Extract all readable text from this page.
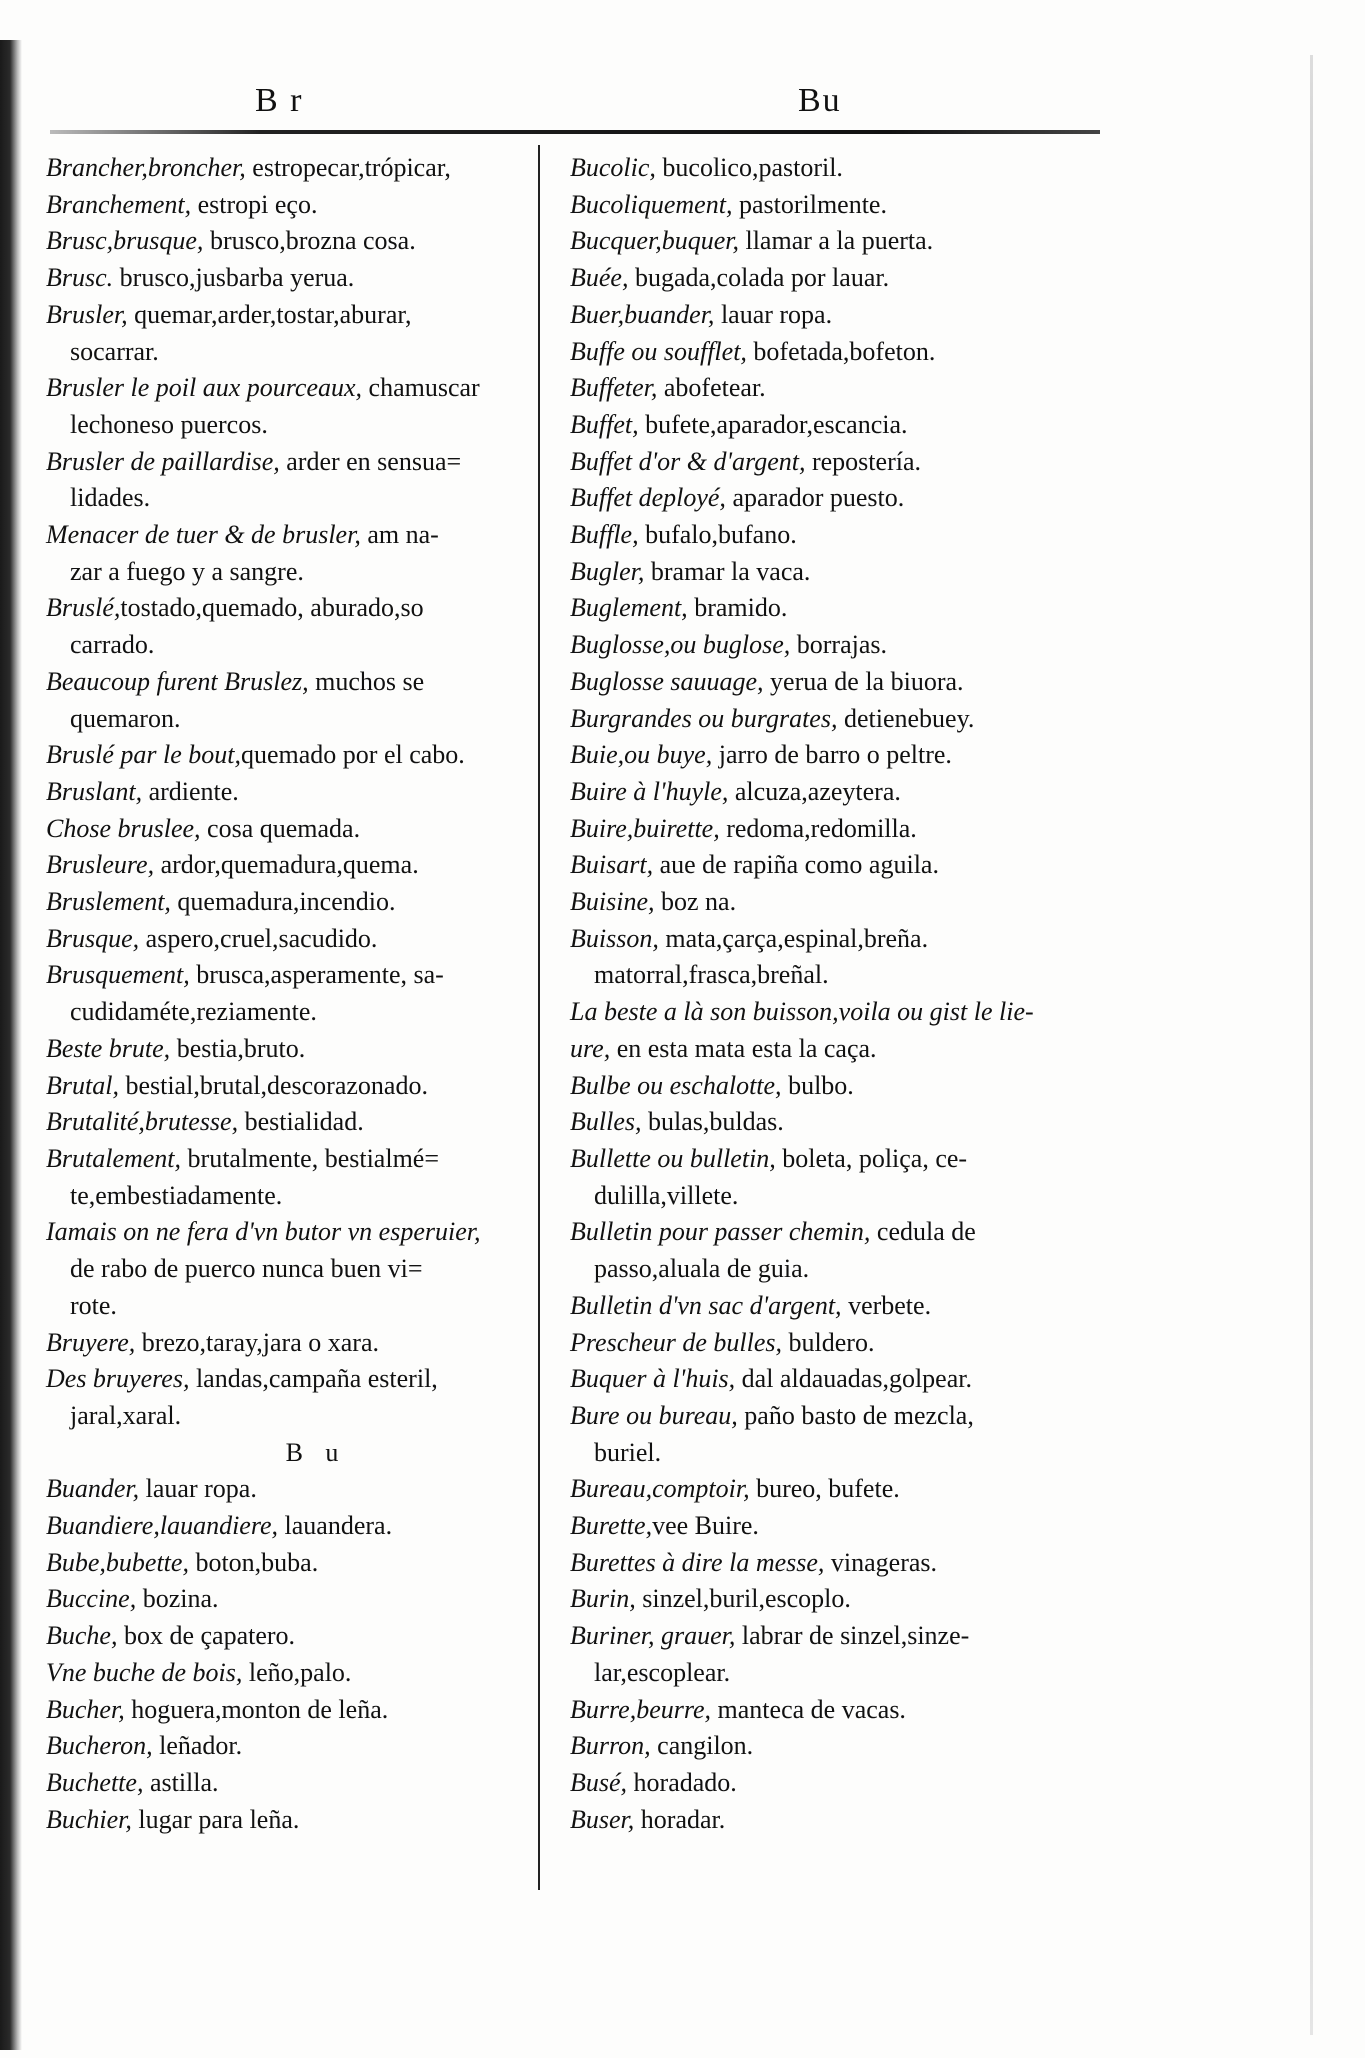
B r	Bu
Brancher,broncher, estropecar,trópicar,
Branchement, estropi eço.
Brusc,brusque, brusco,brozna cosa.
Brusc. brusco,jusbarba yerua.
Brusler, quemar,arder,tostar,aburar,
socarrar.
Brusler le poil aux pourceaux, chamuscar
lechoneso puercos.
Brusler de paillardise, arder en sensua=
lidades.
Menacer de tuer & de brusler, am na-
zar a fuego y a sangre.
Bruslé,tostado,quemado, aburado,so
carrado.
Beaucoup furent Bruslez, muchos se
quemaron.
Bruslé par le bout,quemado por el cabo.
Bruslant, ardiente.
Chose bruslee, cosa quemada.
Brusleure, ardor,quemadura,quema.
Bruslement, quemadura,incendio.
Brusque, aspero,cruel,sacudido.
Brusquement, brusca,asperamente, sa-
cudidaméte,reziamente.
Beste brute, bestia,bruto.
Brutal, bestial,brutal,descorazonado.
Brutalité,brutesse, bestialidad.
Brutalement, brutalmente, bestialmé=
te,embestiadamente.
Iamais on ne fera d'vn butor vn esperuier,
de rabo de puerco nunca buen vi=
rote.
Bruyere, brezo,taray,jara o xara.
Des bruyeres, landas,campaña esteril,
jaral,xaral.
B u
Buander, lauar ropa.
Buandiere,lauandiere, lauandera.
Bube,bubette, boton,buba.
Buccine, bozina.
Buche, box de çapatero.
Vne buche de bois, leño,palo.
Bucher, hoguera,monton de leña.
Bucheron, leñador.
Buchette, astilla.
Buchier, lugar para leña.
Bucolic, bucolico,pastoril.
Bucoliquement, pastorilmente.
Bucquer,buquer, llamar a la puerta.
Buée, bugada,colada por lauar.
Buer,buander, lauar ropa.
Buffe ou soufflet, bofetada,bofeton.
Buffeter, abofetear.
Buffet, bufete,aparador,escancia.
Buffet d'or & d'argent, repostería.
Buffet deployé, aparador puesto.
Buffle, bufalo,bufano.
Bugler, bramar la vaca.
Buglement, bramido.
Buglosse,ou buglose, borrajas.
Buglosse sauuage, yerua de la biuora.
Burgrandes ou burgrates, detienebuey.
Buie,ou buye, jarro de barro o peltre.
Buire à l'huyle, alcuza,azeytera.
Buire,buirette, redoma,redomilla.
Buisart, aue de rapiña como aguila.
Buisine, boz na.
Buisson, mata,çarça,espinal,breña.
matorral,frasca,breñal.
La beste a là son buisson,voila ou gist le lie-
ure, en esta mata esta la caça.
Bulbe ou eschalotte, bulbo.
Bulles, bulas,buldas.
Bullette ou bulletin, boleta, poliça, ce-
dulilla,villete.
Bulletin pour passer chemin, cedula de
passo,aluala de guia.
Bulletin d'vn sac d'argent, verbete.
Prescheur de bulles, buldero.
Buquer à l'huis, dal aldauadas,golpear.
Bure ou bureau, paño basto de mezcla,
buriel.
Bureau,comptoir, bureo, bufete.
Burette,vee Buire.
Burettes à dire la messe, vinageras.
Burin, sinzel,buril,escoplo.
Buriner, grauer, labrar de sinzel,sinze-
lar,escoplear.
Burre,beurre, manteca de vacas.
Burron, cangilon.
Busé, horadado.
Buser, horadar.
